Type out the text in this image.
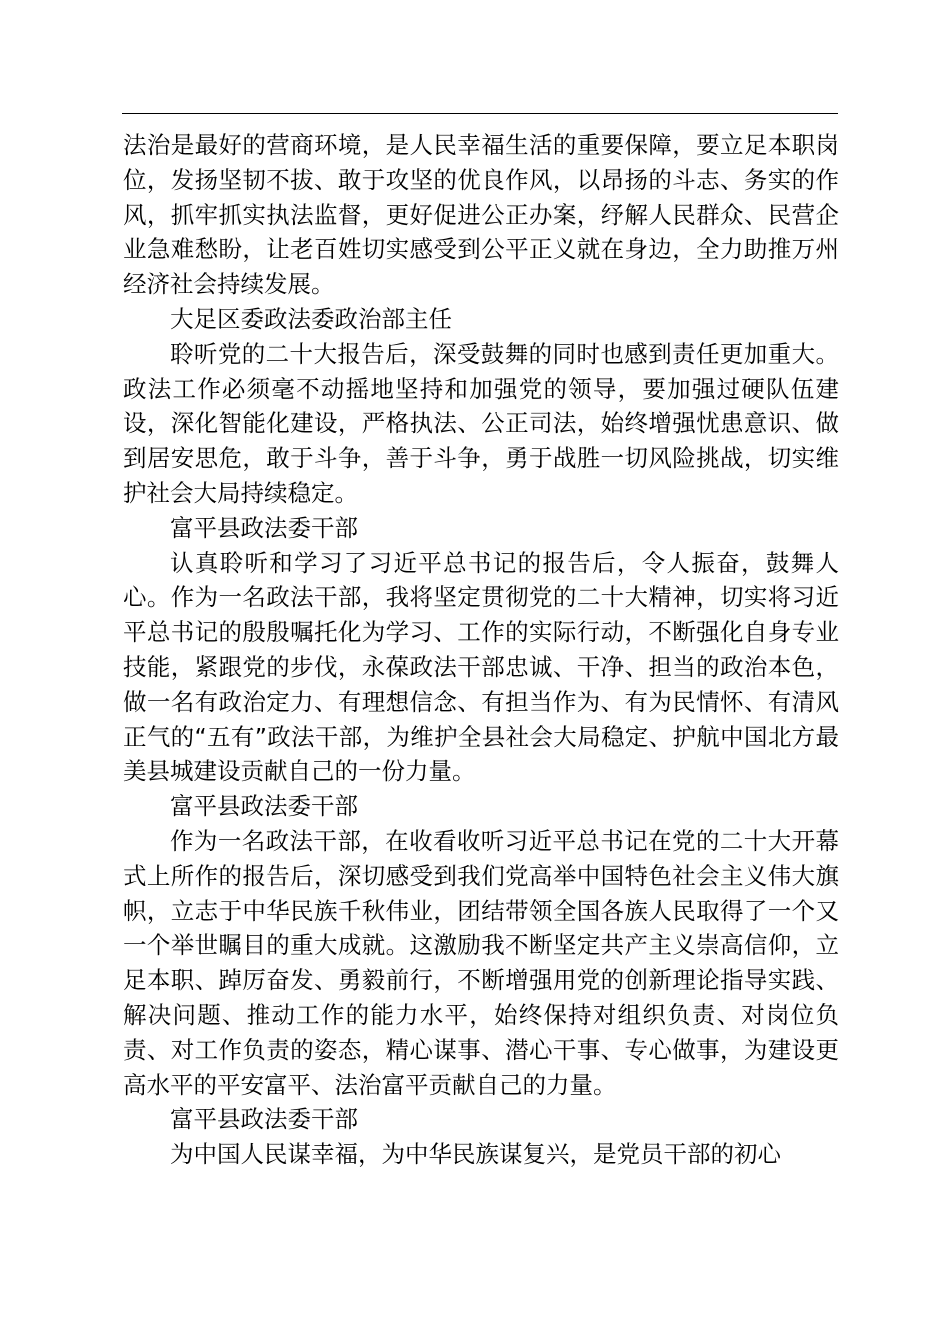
法治是最好的营商环境，是人民幸福生活的重要保障，要立足本职岗位，发扬坚韧不拔、敢于攻坚的优良作风，以昂扬的斗志、务实的作风，抓牢抓实执法监督，更好促进公正办案，纾解人民群众、民营企业急难愁盼，让老百姓切实感受到公平正义就在身边，全力助推万州经济社会持续发展。

大足区委政法委政治部主任

聆听党的二十大报告后，深受鼓舞的同时也感到责任更加重大。政法工作必须毫不动摇地坚持和加强党的领导，要加强过硬队伍建设，深化智能化建设，严格执法、公正司法，始终增强忧患意识、做到居安思危，敢于斗争，善于斗争，勇于战胜一切风险挑战，切实维护社会大局持续稳定。

富平县政法委干部

认真聆听和学习了习近平总书记的报告后，令人振奋，鼓舞人心。作为一名政法干部，我将坚定贯彻党的二十大精神，切实将习近平总书记的殷殷嘱托化为学习、工作的实际行动，不断强化自身专业技能，紧跟党的步伐，永葆政法干部忠诚、干净、担当的政治本色，做一名有政治定力、有理想信念、有担当作为、有为民情怀、有清风正气的“五有”政法干部，为维护全县社会大局稳定、护航中国北方最美县城建设贡献自己的一份力量。

富平县政法委干部

作为一名政法干部，在收看收听习近平总书记在党的二十大开幕式上所作的报告后，深切感受到我们党高举中国特色社会主义伟大旗帜，立志于中华民族千秋伟业，团结带领全国各族人民取得了一个又一个举世瞩目的重大成就。这激励我不断坚定共产主义崇高信仰，立足本职、踔厉奋发、勇毅前行，不断增强用党的创新理论指导实践、解决问题、推动工作的能力水平，始终保持对组织负责、对岗位负责、对工作负责的姿态，精心谋事、潜心干事、专心做事，为建设更高水平的平安富平、法治富平贡献自己的力量。

富平县政法委干部

为中国人民谋幸福，为中华民族谋复兴，是党员干部的初心
